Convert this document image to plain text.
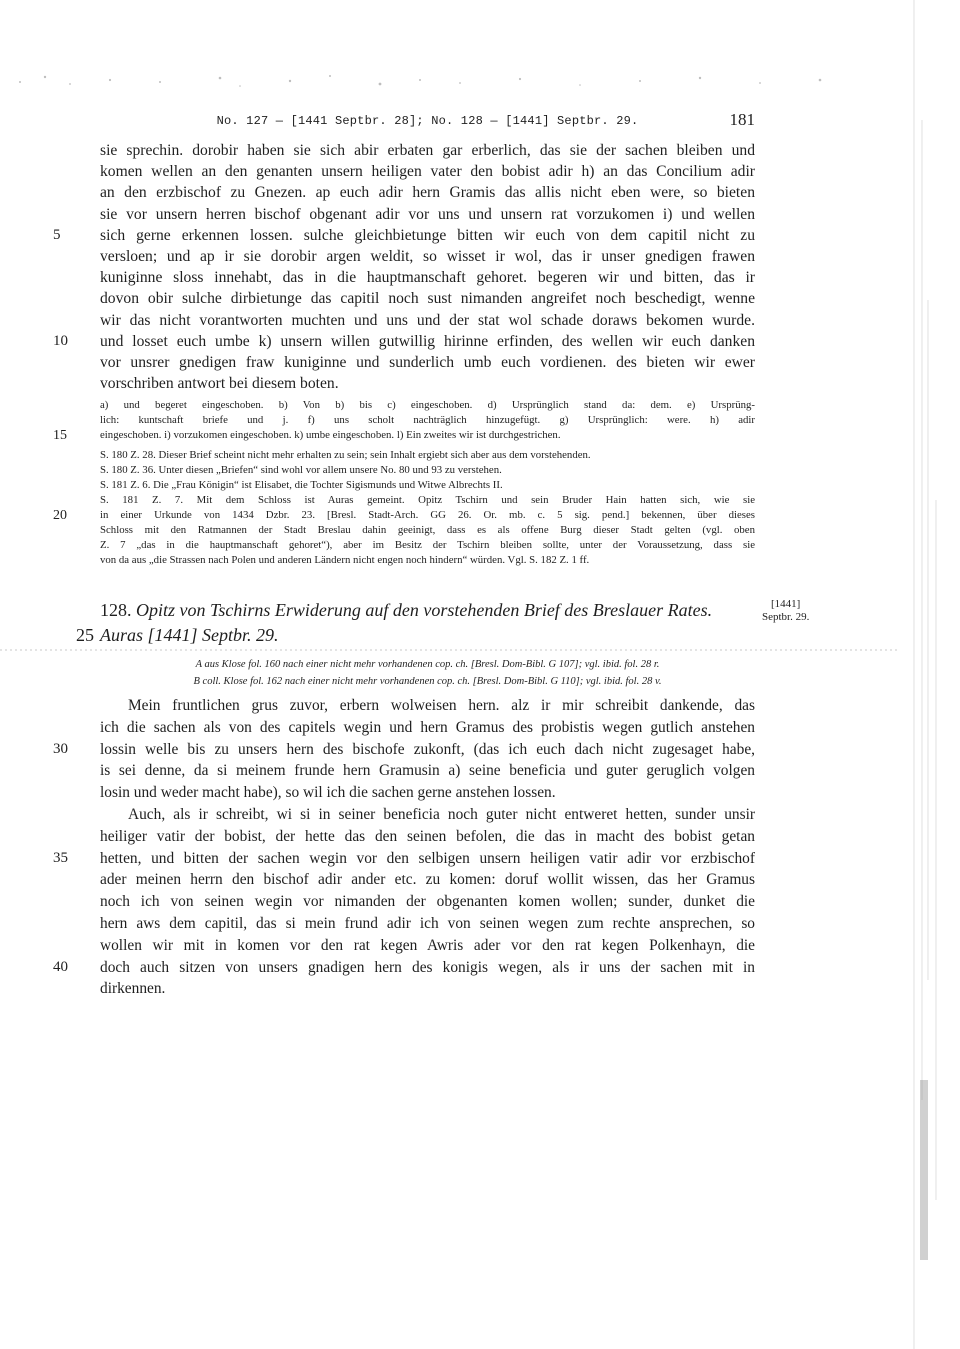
No. 127 — [1441 Septbr. 28]; No. 128 — [1441] Septbr. 29.	181
sie sprechin. dorobir haben sie sich abir erbaten gar erberlich, das sie der sachen bleiben und
komen wellen an den genanten unsern heiligen vater den bobist adir h) an das Concilium adir
an den erzbischof zu Gnezen. ap euch adir hern Gramis das allis nicht eben were, so bieten
sie vor unsern herren bischof obgenant adir vor uns und unsern rat vorzukomen i) und wellen
5	sich gerne erkennen lossen. sulche gleichbietunge bitten wir euch von dem capitil nicht zu
versloen; und ap ir sie dorobir argen weldit, so wisset ir wol, das ir unser gnedigen frawen
kuniginne sloss innehabt, das in die hauptmanschaft gehoret. begeren wir und bitten, das ir
dovon obir sulche dirbietunge das capitil noch sust nimanden angreifet noch beschedigt, wenne
wir das nicht vorantworten muchten und uns und der stat wol schade doraws bekomen wurde.
10	und losset euch umbe k) unsern willen gutwillig hirinne erfinden, des wellen wir euch danken
vor unsrer gnedigen fraw kuniginne und sunderlich umb euch vordienen. des bieten wir ewer
vorschriben antwort bei diesem boten.
a) und begeret eingeschoben. b) Von b) bis c) eingeschoben. d) Ursprünglich stand da: dem. e) Ursprüng-
lich: kuntschaft briefe und j. f) uns scholt nachträglich hinzugefügt. g) Ursprünglich: were. h) adir
15	eingeschoben. i) vorzukomen eingeschoben. k) umbe eingeschoben. l) Ein zweites wir ist durchgestrichen.
S. 180 Z. 28. Dieser Brief scheint nicht mehr erhalten zu sein; sein Inhalt ergiebt sich aber aus dem vorstehenden.
S. 180 Z. 36. Unter diesen „Briefen“ sind wohl vor allem unsere No. 80 und 93 zu verstehen.
S. 181 Z. 6. Die „Frau Königin“ ist Elisabet, die Tochter Sigismunds und Witwe Albrechts II.
S. 181 Z. 7. Mit dem Schloss ist Auras gemeint. Opitz Tschirn und sein Bruder Hain hatten sich, wie sie
20	in einer Urkunde von 1434 Dzbr. 23. [Bresl. Stadt-Arch. GG 26. Or. mb. c. 5 sig. pend.] bekennen, über dieses
Schloss mit den Ratmannen der Stadt Breslau dahin geeinigt, dass es als offene Burg dieser Stadt gelten (vgl. oben
Z. 7 „das in die hauptmanschaft gehoret“), aber im Besitz der Tschirn bleiben sollte, unter der Voraussetzung, dass sie
von da aus „die Strassen nach Polen und anderen Ländern nicht engen noch hindern“ würden. Vgl. S. 182 Z. 1 ff.
128. Opitz von Tschirns Erwiderung auf den vorstehenden Brief des Breslauer Rates.
25 Auras [1441] Septbr. 29.
[1441]
Septbr. 29.
A aus Klose fol. 160 nach einer nicht mehr vorhandenen cop. ch. [Bresl. Dom-Bibl. G 107]; vgl. ibid. fol. 28 r.
B coll. Klose fol. 162 nach einer nicht mehr vorhandenen cop. ch. [Bresl. Dom-Bibl. G 110]; vgl. ibid. fol. 28 v.
Mein fruntlichen grus zuvor, erbern wolweisen hern. alz ir mir schreibit dankende, das
ich die sachen als von des capitels wegin und hern Gramus des probistis wegen gutlich anstehen
30	lossin welle bis zu unsers hern des bischofe zukonft, (das ich euch dach nicht zugesaget habe,
is sei denne, da si meinem frunde hern Gramusin a) seine beneficia und guter geruglich volgen
losin und weder macht habe), so wil ich die sachen gerne anstehen lossen.
Auch, als ir schreibt, wi si in seiner beneficia noch guter nicht entweret hetten, sunder unsir
heiliger vatir der bobist, der hette das den seinen befolen, die das in macht des bobist getan
35	hetten, und bitten der sachen wegin vor den selbigen unsern heiligen vatir adir vor erzbischof
ader meinen herrn den bischof adir ander etc. zu komen: doruf wollit wissen, das her Gramus
noch ich von seinen wegin vor nimanden der obgenanten komen wollen; sunder, dunket die
hern aws dem capitil, das si mein frund adir ich von seinen wegen zum rechte ansprechen, so
wollen wir mit in komen vor den rat kegen Awris ader vor den rat kegen Polkenhayn, die
40	doch auch sitzen von unsers gnadigen hern des konigis wegen, als ir uns der sachen mit in
dirkennen.
